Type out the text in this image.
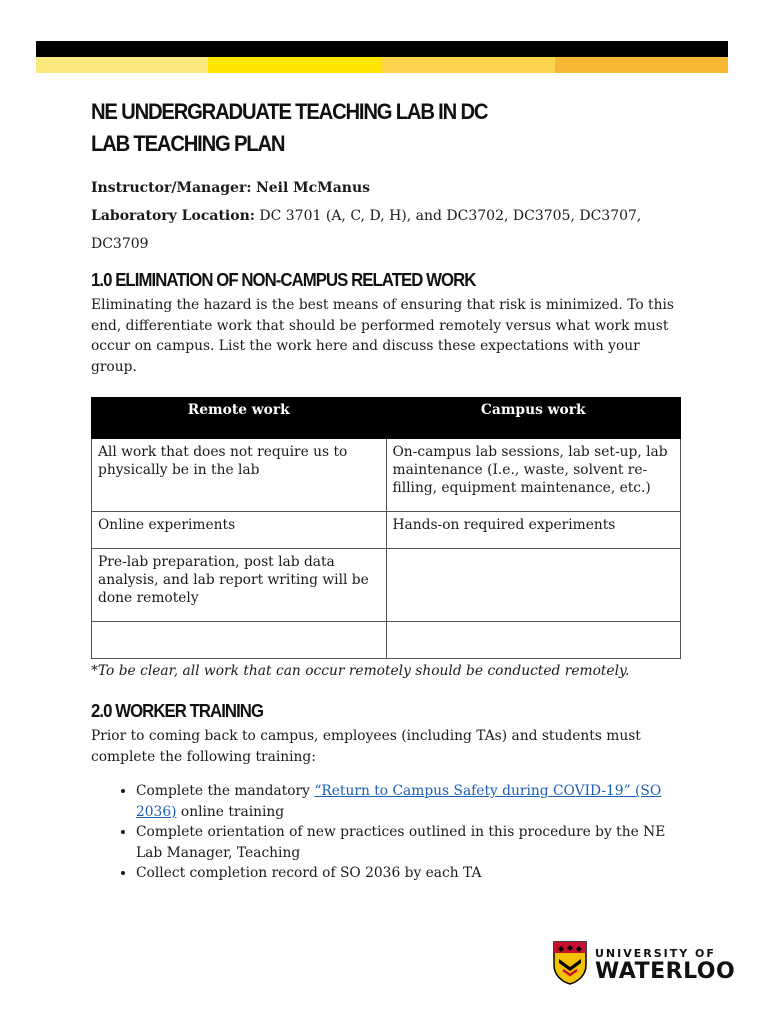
NE UNDERGRADUATE TEACHING LAB IN DC
LAB TEACHING PLAN

Instructor/Manager: Neil McManus

Laboratory Location: DC 3701 (A, C, D, H), and DC3702, DC3705, DC3707, DC3709

1.0 ELIMINATION OF NON-CAMPUS RELATED WORK

Eliminating the hazard is the best means of ensuring that risk is minimized. To this end, differentiate work that should be performed remotely versus what work must occur on campus. List the work here and discuss these expectations with your group.

Remote work	Campus work
All work that does not require us to physically be in the lab	On-campus lab sessions, lab set-up, lab maintenance (I.e., waste, solvent re-filling, equipment maintenance, etc.)
Online experiments	Hands-on required experiments
Pre-lab preparation, post lab data analysis, and lab report writing will be done remotely	

*To be clear, all work that can occur remotely should be conducted remotely.

2.0 WORKER TRAINING

Prior to coming back to campus, employees (including TAs) and students must complete the following training:

• Complete the mandatory “Return to Campus Safety during COVID-19” (SO 2036) online training
• Complete orientation of new practices outlined in this procedure by the NE Lab Manager, Teaching
• Collect completion record of SO 2036 by each TA
UNIVERSITY OF
WATERLOO
